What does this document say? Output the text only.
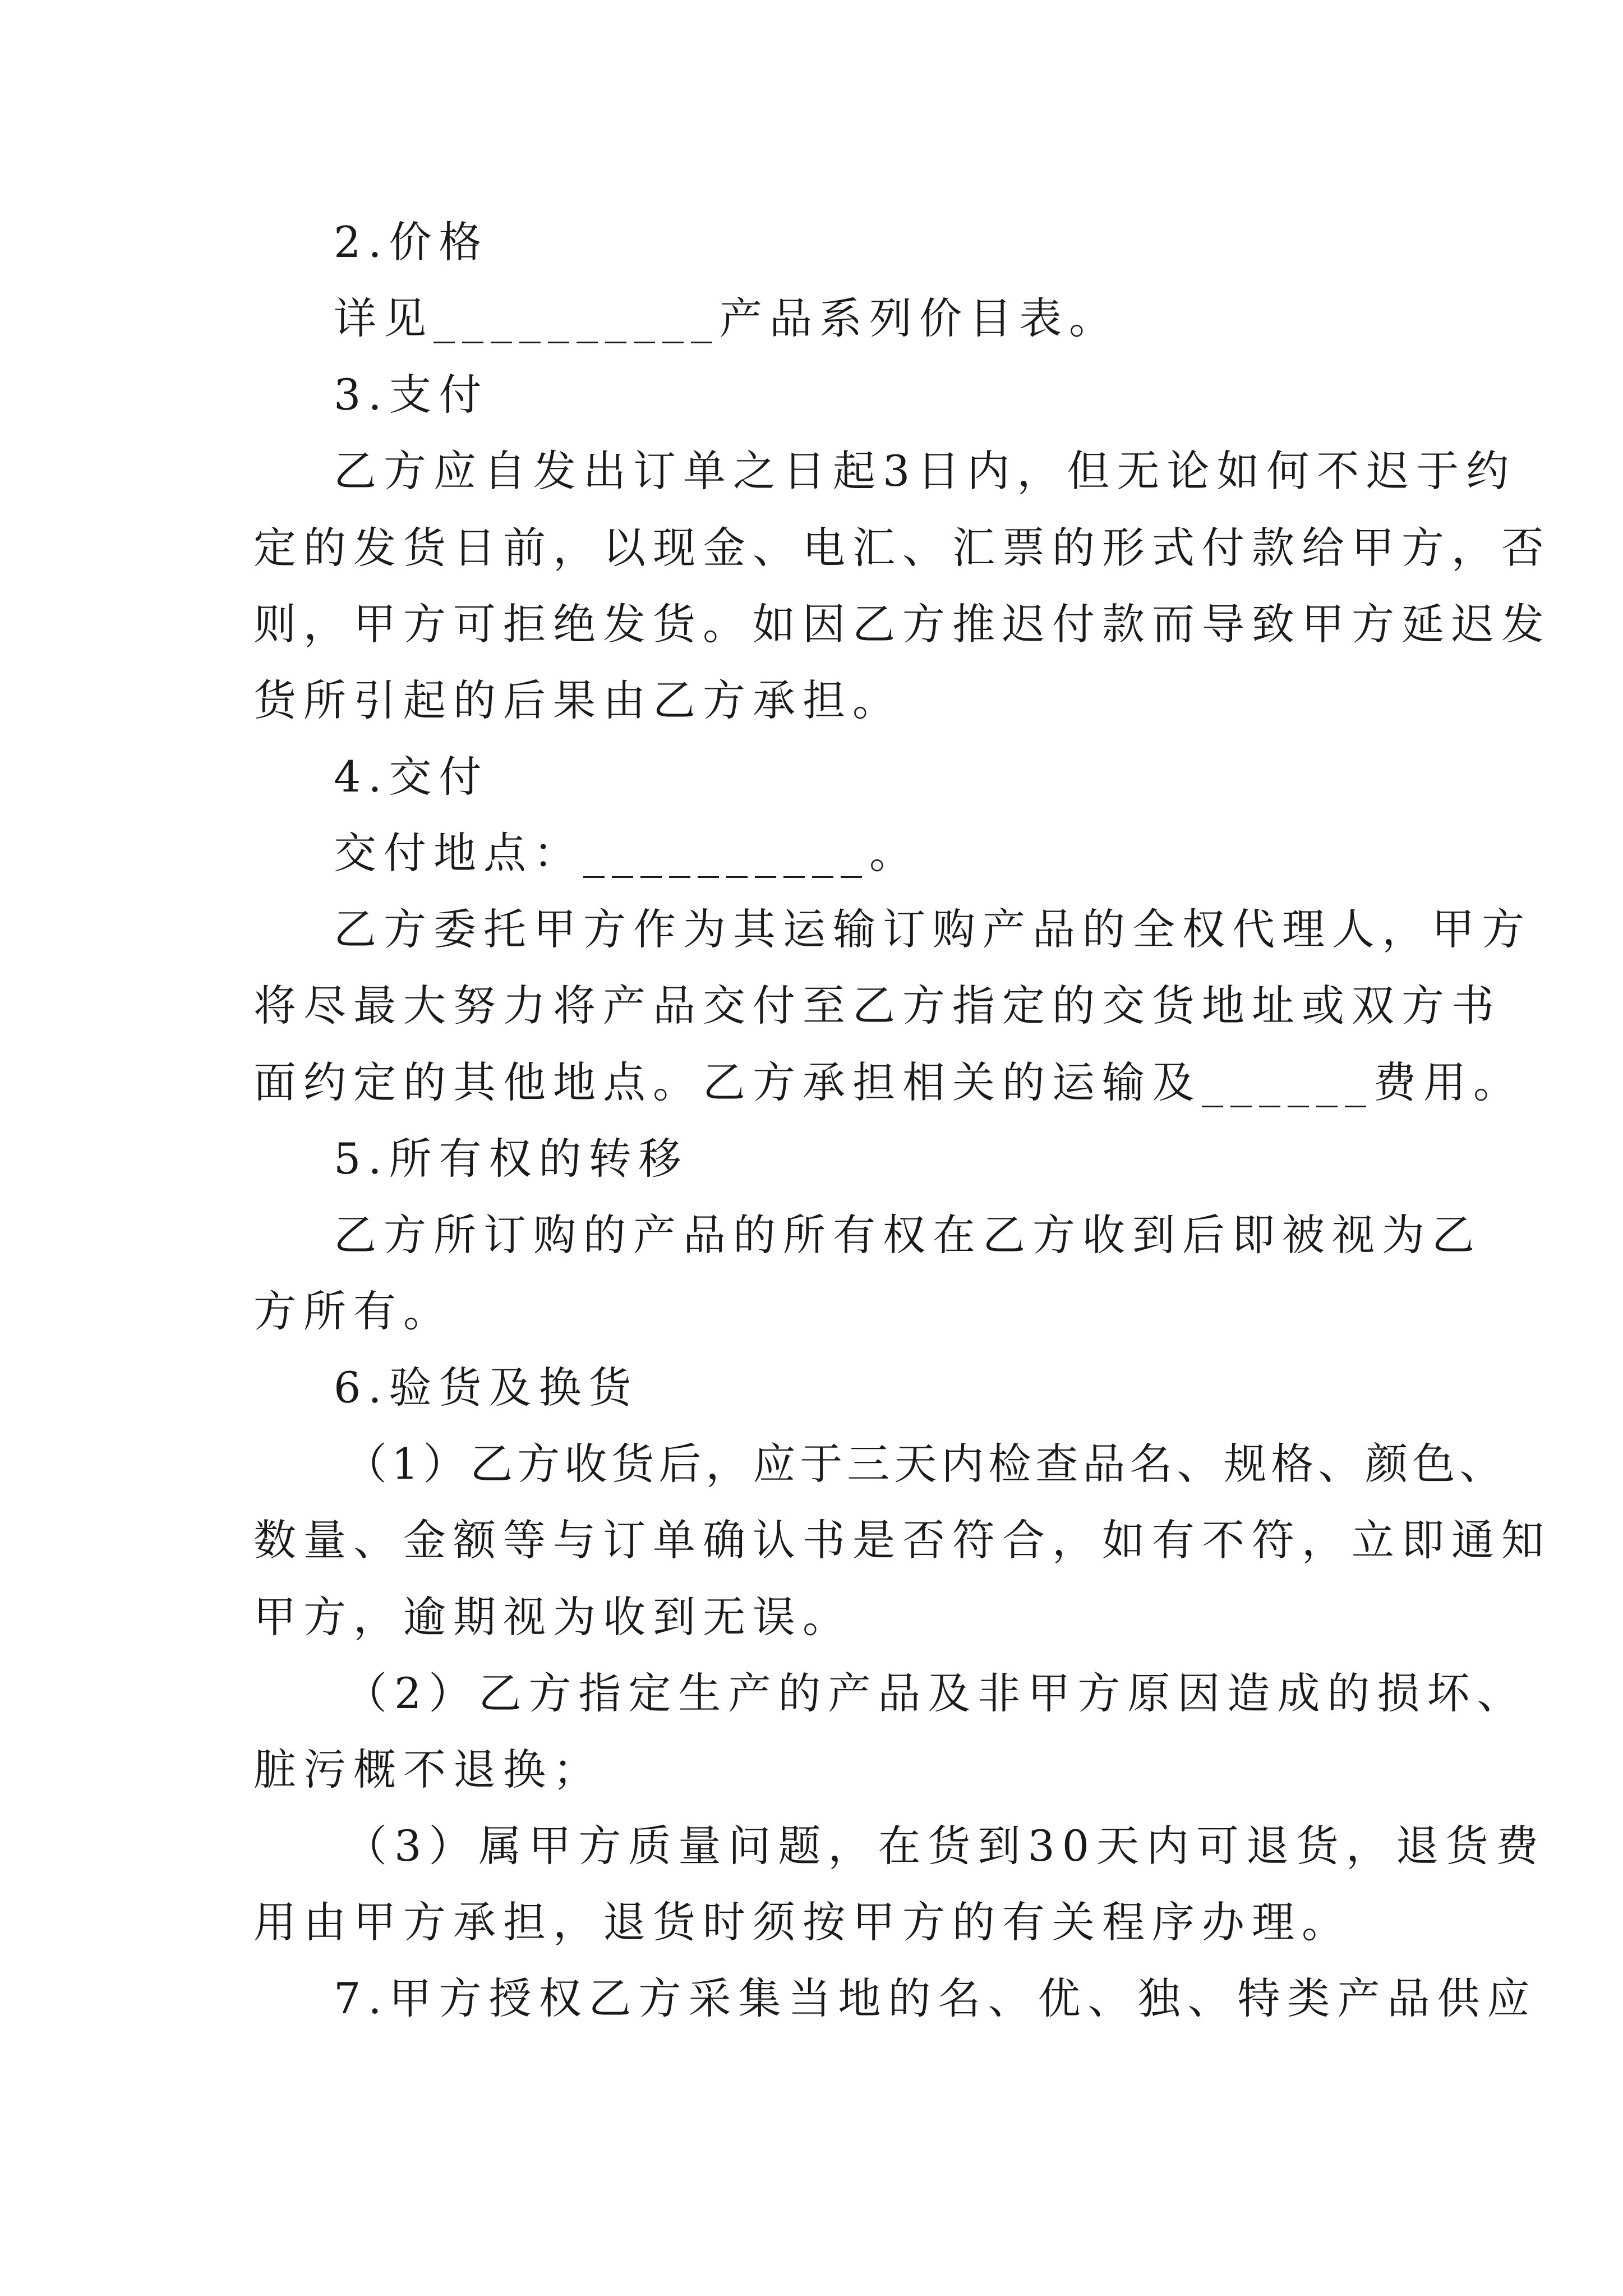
2.价格
详见__________产品系列价目表。
3.支付
乙方应自发出订单之日起3日内，但无论如何不迟于约
定的发货日前，以现金、电汇、汇票的形式付款给甲方，否
则，甲方可拒绝发货。如因乙方推迟付款而导致甲方延迟发
货所引起的后果由乙方承担。
4.交付
交付地点：__________。
乙方委托甲方作为其运输订购产品的全权代理人，甲方
将尽最大努力将产品交付至乙方指定的交货地址或双方书
面约定的其他地点。乙方承担相关的运输及______费用。
5.所有权的转移
乙方所订购的产品的所有权在乙方收到后即被视为乙
方所有。
6.验货及换货
（1）乙方收货后，应于三天内检查品名、规格、颜色、
数量、金额等与订单确认书是否符合，如有不符，立即通知
甲方，逾期视为收到无误。
（2）乙方指定生产的产品及非甲方原因造成的损坏、
脏污概不退换；
（3）属甲方质量问题，在货到30天内可退货，退货费
用由甲方承担，退货时须按甲方的有关程序办理。
7.甲方授权乙方采集当地的名、优、独、特类产品供应
